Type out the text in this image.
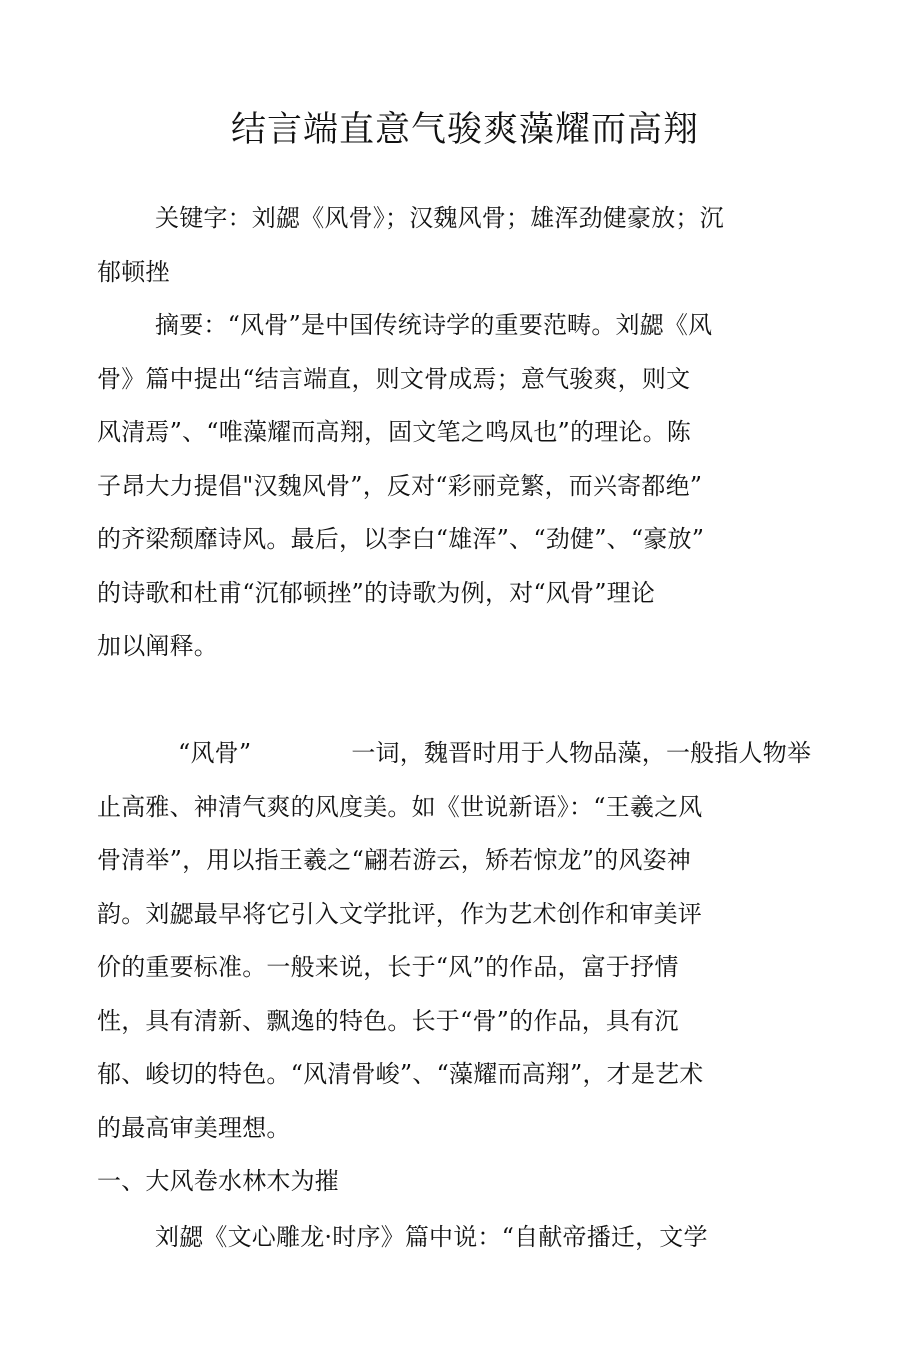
结言端直意气骏爽藻耀而高翔
关键字：刘勰《风骨》；汉魏风骨；雄浑劲健豪放；沉
郁顿挫
摘要：“风骨”是中国传统诗学的重要范畴。刘勰《风
骨》篇中提出“结言端直，则文骨成焉；意气骏爽，则文
风清焉”、“唯藻耀而高翔，固文笔之鸣凤也”的理论。陈
子昂大力提倡"汉魏风骨”，反对“彩丽竞繁，而兴寄都绝”
的齐梁颓靡诗风。最后，以李白“雄浑”、“劲健”、“豪放”
的诗歌和杜甫“沉郁顿挫”的诗歌为例，对“风骨”理论
加以阐释。
“风骨”	一词，魏晋时用于人物品藻，一般指人物举
止高雅、神清气爽的风度美。如《世说新语》：“王羲之风
骨清举”，用以指王羲之“翩若游云，矫若惊龙”的风姿神
韵。刘勰最早将它引入文学批评，作为艺术创作和审美评
价的重要标准。一般来说，长于“风”的作品，富于抒情
性，具有清新、飘逸的特色。长于“骨”的作品，具有沉
郁、峻切的特色。“风清骨峻”、“藻耀而高翔”，才是艺术
的最高审美理想。
一、大风卷水林木为摧
刘勰《文心雕龙·时序》篇中说：“自献帝播迁，文学
